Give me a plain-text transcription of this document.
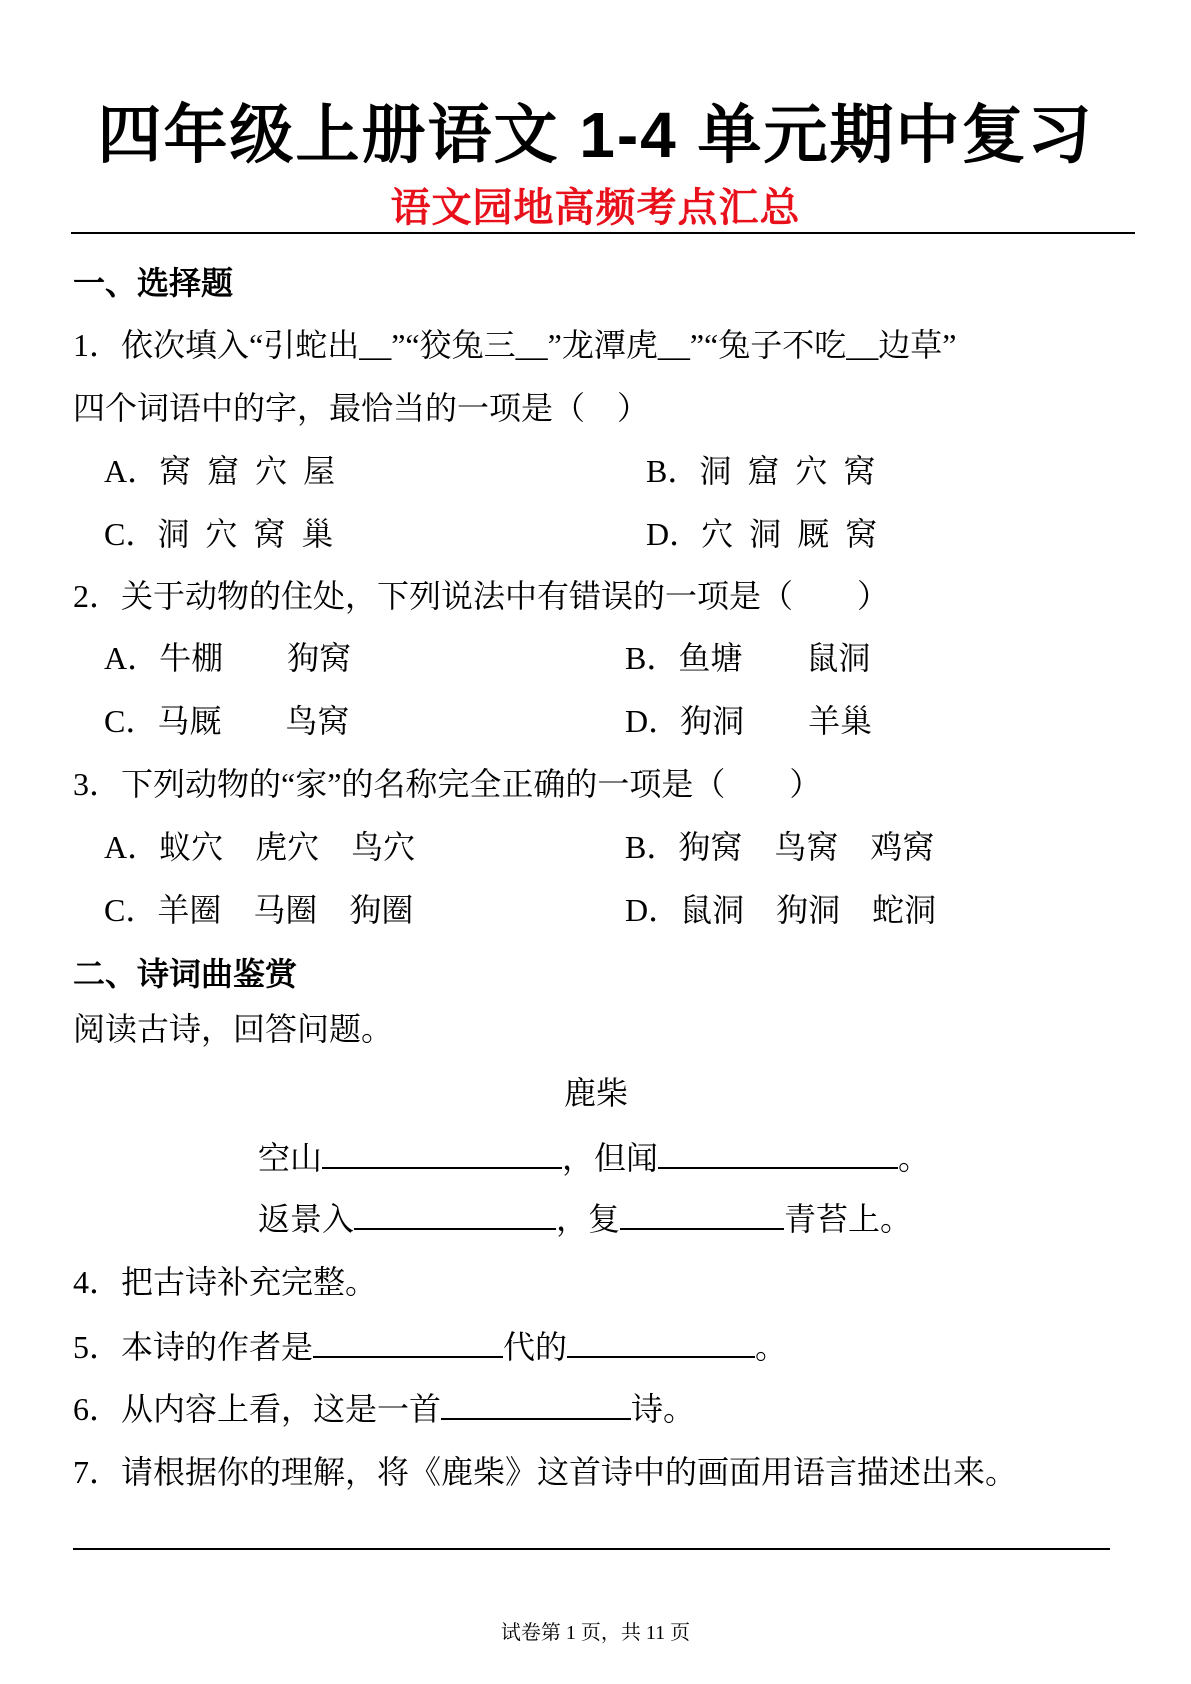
四年级上册语文 1-4 单元期中复习
语文园地高频考点汇总
一、选择题
1．依次填入“引蛇出__”“狡兔三__”龙潭虎__”“兔子不吃__边草”
四个词语中的字，最恰当的一项是（　）
A．窝  窟  穴  屋	B．洞  窟  穴  窝
C．洞  穴  窝  巢	D．穴  洞  厩  窝
2．关于动物的住处，下列说法中有错误的一项是（　　）
A．牛棚　　狗窝	B．鱼塘　　鼠洞
C．马厩　　鸟窝	D．狗洞　　羊巢
3．下列动物的“家”的名称完全正确的一项是（　　）
A．蚁穴　虎穴　鸟穴	B．狗窝　鸟窝　鸡窝
C．羊圈　马圈　狗圈	D．鼠洞　狗洞　蛇洞
二、诗词曲鉴赏
阅读古诗，回答问题。
鹿柴
空山	，但闻	。
返景入	，复	青苔上。
4．把古诗补充完整。
5．本诗的作者是	代的	。
6．从内容上看，这是一首	诗。
7．请根据你的理解，将《鹿柴》这首诗中的画面用语言描述出来。
试卷第 1 页，共 11 页
